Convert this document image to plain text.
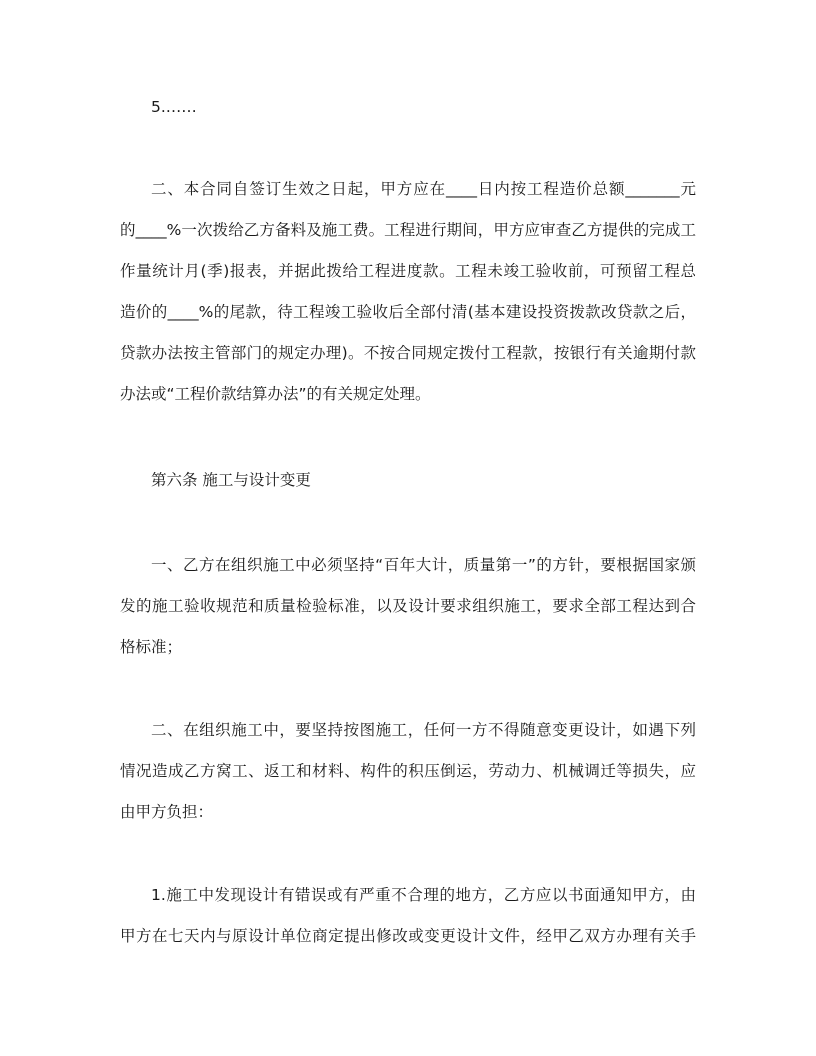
5.……
二、本合同自签订生效之日起，甲方应在____日内按工程造价总额_______元
的____%一次拨给乙方备料及施工费。工程进行期间，甲方应审查乙方提供的完成工
作量统计月(季)报表，并据此拨给工程进度款。工程未竣工验收前，可预留工程总
造价的____%的尾款，待工程竣工验收后全部付清(基本建设投资拨款改贷款之后，
贷款办法按主管部门的规定办理)。不按合同规定拨付工程款，按银行有关逾期付款
办法或“工程价款结算办法”的有关规定处理。
第六条 施工与设计变更
一、乙方在组织施工中必须坚持“百年大计，质量第一”的方针，要根据国家颁
发的施工验收规范和质量检验标准，以及设计要求组织施工，要求全部工程达到合
格标准；
二、在组织施工中，要坚持按图施工，任何一方不得随意变更设计，如遇下列
情况造成乙方窝工、返工和材料、构件的积压倒运，劳动力、机械调迁等损失，应
由甲方负担：
1.施工中发现设计有错误或有严重不合理的地方，乙方应以书面通知甲方，由
甲方在七天内与原设计单位商定提出修改或变更设计文件，经甲乙双方办理有关手
